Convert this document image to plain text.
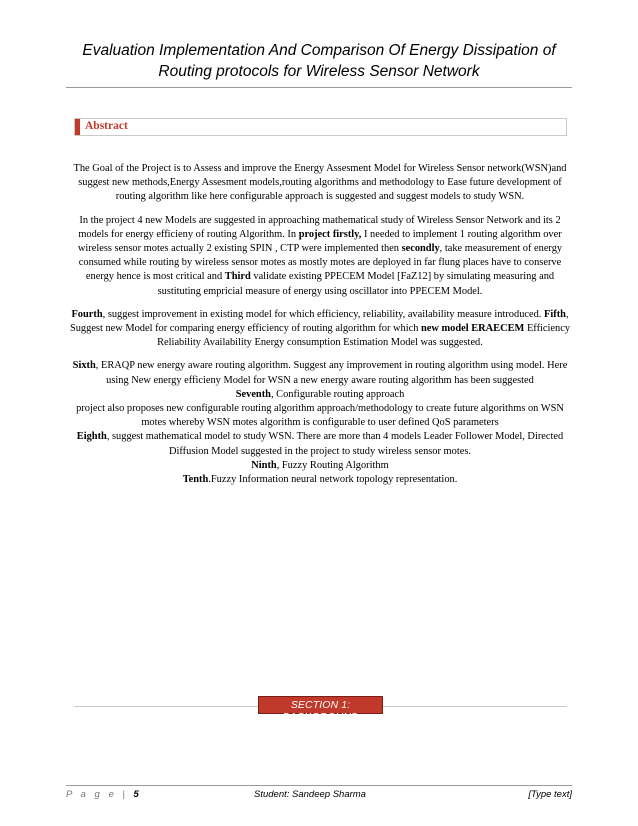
Evaluation Implementation And Comparison Of Energy Dissipation of
Routing protocols for Wireless Sensor Network
Abstract

The Goal of the Project is to Assess and improve the Energy Assesment Model for Wireless Sensor network(WSN)and suggest new methods,Energy Assesment models,routing algorithms and methodology to Ease future development of routing algorithm like here configurable approach is suggested and suggest models to study WSN.

In the project 4 new Models are suggested in approaching mathematical study of Wireless Sensor Network and its 2 models for energy efficieny of routing Algorithm. In project firstly, I needed to implement 1 routing algorithm over wireless sensor motes actually 2 existing SPIN , CTP were implemented then secondly, take measurement of energy consumed while routing by wireless sensor motes as mostly motes are deployed in far flung places have to conserve energy hence is most critical and Third validate existing PPECEM Model [FaZ12] by simulating measuring and sustituting empricial measure of energy using oscillator into PPECEM Model.

Fourth, suggest improvement in existing model for which efficiency, reliability, availability measure introduced. Fifth, Suggest new Model for comparing energy efficiency of routing algorithm for which new model ERAECEM Efficiency Reliability Availability Energy consumption Estimation Model was suggested.

Sixth, ERAQP new energy aware routing algorithm. Suggest any improvement in routing algorithm using model. Here using New energy efficieny Model for WSN a new energy aware routing algorithm has been suggested

Seventh, Configurable routing approach

project also proposes new configurable routing algorithm approach/methodology to create future algorithms on WSN motes whereby WSN motes algorithm is configurable to user defined QoS parameters

Eighth, suggest mathematical model to study WSN. There are more than 4 models Leader Follower Model, Directed Diffusion Model suggested in the project to study wireless sensor motes.

Ninth, Fuzzy Routing Algorithm

Tenth.Fuzzy Information neural network topology representation.

SECTION 1: BACKGROUND
P a g e | 5	Student: Sandeep Sharma	[Type text]
